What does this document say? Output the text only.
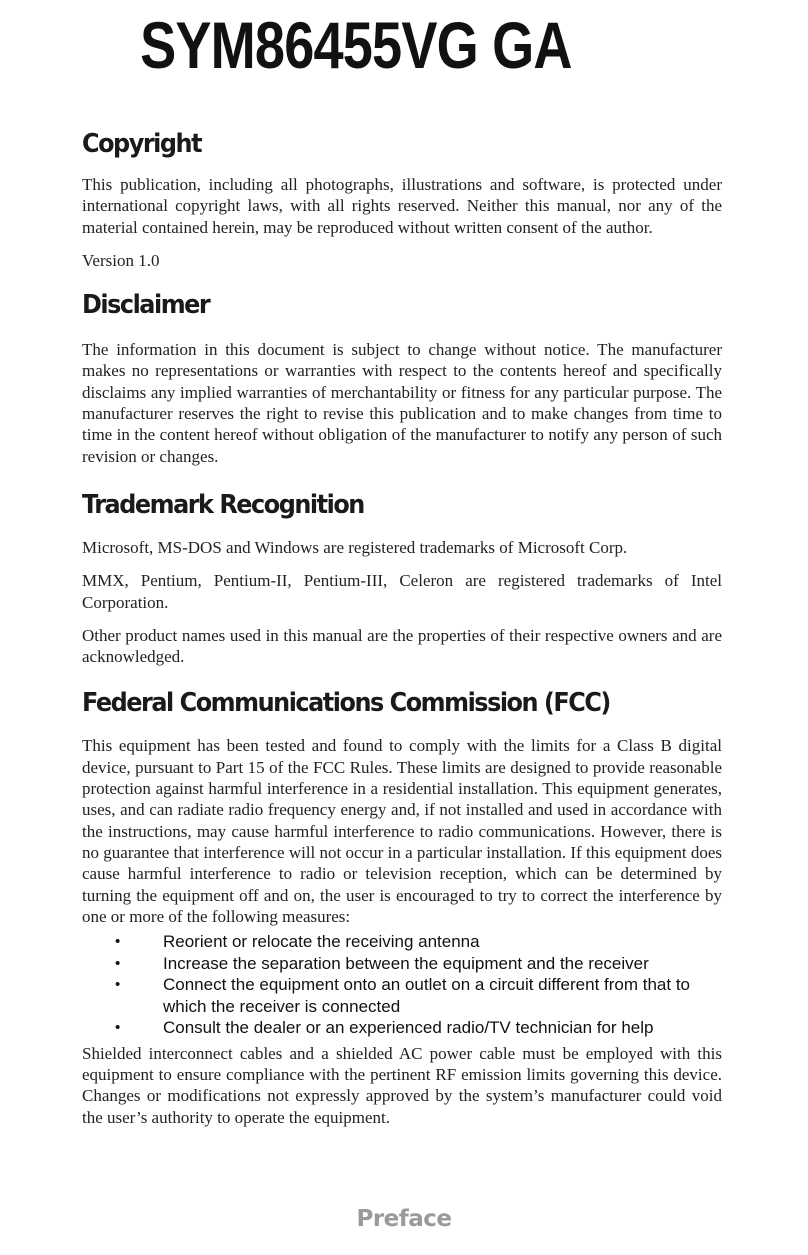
SYM86455VG GA
Copyright

This publication, including all photographs, illustrations and software, is protected under international copyright laws, with all rights reserved. Neither this manual, nor any of the material contained herein, may be reproduced without written consent of the author.

Version 1.0

Disclaimer

The information in this document is subject to change without notice. The manufacturer makes no representations or warranties with respect to the contents hereof and specifically disclaims any implied warranties of merchantability or fitness for any particular purpose. The manufacturer reserves the right to revise this publication and to make changes from time to time in the content hereof without obligation of the manufacturer to notify any person of such revision or changes.

Trademark Recognition

Microsoft, MS-DOS and Windows are registered trademarks of Microsoft Corp.

MMX, Pentium, Pentium-II, Pentium-III, Celeron are registered trademarks of Intel Corporation.

Other product names used in this manual are the properties of their respective owners and are acknowledged.

Federal Communications Commission (FCC)

This equipment has been tested and found to comply with the limits for a Class B digital device, pursuant to Part 15 of the FCC Rules. These limits are designed to provide reasonable protection against harmful interference in a residential installation. This equipment generates, uses, and can radiate radio frequency energy and, if not installed and used in accordance with the instructions, may cause harmful interference to radio communications. However, there is no guarantee that interference will not occur in a particular installation. If this equipment does cause harmful interference to radio or television reception, which can be determined by turning the equipment off and on, the user is encouraged to try to correct the interference by one or more of the following measures:

•	Reorient or relocate the receiving antenna
•	Increase the separation between the equipment and the receiver
•	Connect the equipment onto an outlet on a circuit different from that to which the receiver is connected
•	Consult the dealer or an experienced radio/TV technician for help

Shielded interconnect cables and a shielded AC power cable must be employed with this equipment to ensure compliance with the pertinent RF emission limits governing this device. Changes or modifications not expressly approved by the system’s manufacturer could void the user’s authority to operate the equipment.

Preface
